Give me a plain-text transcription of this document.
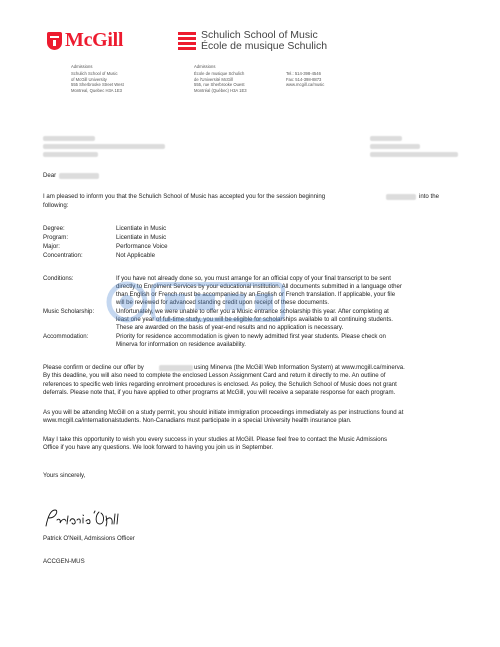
McGill	Schulich School of Music
École de musique Schulich
Admissions
Schulich School of Music
of McGill University
555 Sherbrooke Street West
Montreal, Quebec H3A 1E3
Admissions
École de musique Schulich
de l'Université McGill
555, rue Sherbrooke Ouest
Montréal (Québec) H3A 1E3
Tel.: 514-398-4546
Fax: 514-398-8873
www.mcgill.ca/music
Dear
I am pleased to inform you that the Schulich School of Music has accepted you for the session beginning	into the
following:
Degree:	Licentiate in Music
Program:	Licentiate in Music
Major:	Performance Voice
Concentration:	Not Applicable
Conditions:	If you have not already done so, you must arrange for an official copy of your final transcript to be sent
directly to Enrolment Services by your educational institution. All documents submitted in a language other
than English or French must be accompanied by an English or French translation. If applicable, your file
will be reviewed for advanced standing credit upon receipt of these documents.
Music Scholarship:	Unfortunately, we were unable to offer you a Music entrance scholarship this year. After completing at
least one year of full-time study, you will be eligible for scholarships available to all continuing students.
These are awarded on the basis of year-end results and no application is necessary.
Accommodation:	Priority for residence accommodation is given to newly admitted first year students. Please check on
Minerva for information on residence availability.
Please confirm or decline our offer by	using Minerva (the McGill Web Information System) at www.mcgill.ca/minerva.
By this deadline, you will also need to complete the enclosed Lesson Assignment Card and return it directly to me. An outline of
references to specific web links regarding enrolment procedures is enclosed. As policy, the Schulich School of Music does not grant
deferrals. Please note that, if you have applied to other programs at McGill, you will receive a separate response for each program.
As you will be attending McGill on a study permit, you should initiate immigration proceedings immediately as per instructions found at
www.mcgill.ca/internationalstudents. Non-Canadians must participate in a special University health insurance plan.
May I take this opportunity to wish you every success in your studies at McGill. Please feel free to contact the Music Admissions
Office if you have any questions. We look forward to having you join us in September.
Yours sincerely,
Patrick O'Neill, Admissions Officer
ACCGEN-MUS
